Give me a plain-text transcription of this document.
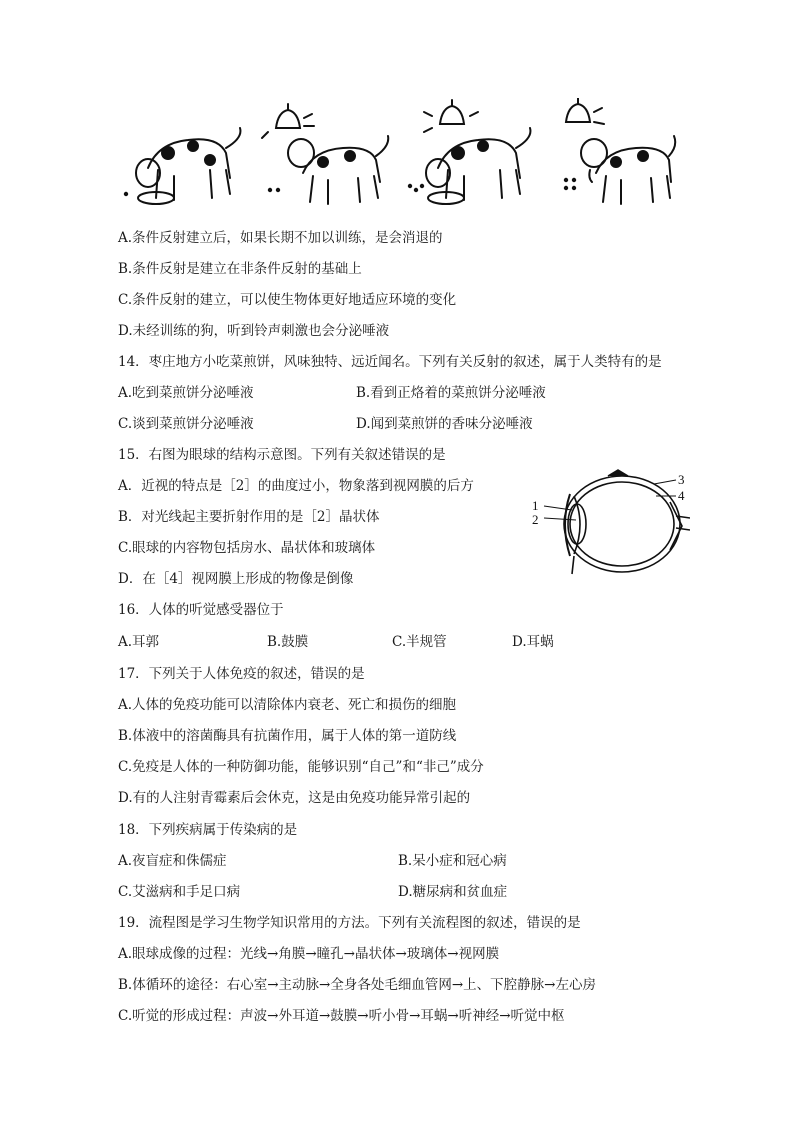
A.条件反射建立后，如果长期不加以训练，是会消退的
B.条件反射是建立在非条件反射的基础上
C.条件反射的建立，可以使生物体更好地适应环境的变化
D.未经训练的狗，听到铃声刺激也会分泌唾液
14．枣庄地方小吃菜煎饼，风味独特、远近闻名。下列有关反射的叙述，属于人类特有的是
A.吃到菜煎饼分泌唾液	B.看到正烙着的菜煎饼分泌唾液
C.谈到菜煎饼分泌唾液	D.闻到菜煎饼的香味分泌唾液
15．右图为眼球的结构示意图。下列有关叙述错误的是
A．近视的特点是［2］的曲度过小，物象落到视网膜的后方
B．对光线起主要折射作用的是［2］晶状体
C.眼球的内容物包括房水、晶状体和玻璃体
D．在［4］视网膜上形成的物像是倒像
1
2
3
4
16．人体的听觉感受器位于
A.耳郭	B.鼓膜	C.半规管	D.耳蜗
17．下列关于人体免疫的叙述，错误的是
A.人体的免疫功能可以清除体内衰老、死亡和损伤的细胞
B.体液中的溶菌酶具有抗菌作用，属于人体的第一道防线
C.免疫是人体的一种防御功能，能够识别“自己”和“非己”成分
D.有的人注射青霉素后会休克，这是由免疫功能异常引起的
18．下列疾病属于传染病的是
A.夜盲症和侏儒症	B.呆小症和冠心病
C.艾滋病和手足口病	D.糖尿病和贫血症
19．流程图是学习生物学知识常用的方法。下列有关流程图的叙述，错误的是
A.眼球成像的过程：光线→角膜→瞳孔→晶状体→玻璃体→视网膜
B.体循环的途径：右心室→主动脉→全身各处毛细血管网→上、下腔静脉→左心房
C.听觉的形成过程：声波→外耳道→鼓膜→听小骨→耳蜗→听神经→听觉中枢
